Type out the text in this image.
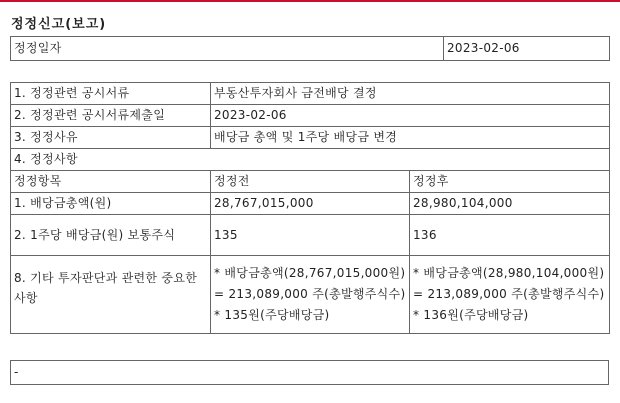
정정신고(보고)
정정일자	2023-02-06
1. 정정관련 공시서류	부동산투자회사 금전배당 결정	
2. 정정관련 공시서류제출일	2023-02-06	
3. 정정사유	배당금 총액 및 1주당 배당금 변경	
4. 정정사항		
정정항목	정정전	정정후
1. 배당금총액(원)	28,767,015,000	28,980,104,000
2. 1주당 배당금(원) 보통주식	135	136
8. 기타 투자판단과 관련한 중요한 사항	* 배당금총액(28,767,015,000원) = 213,089,000 주(총발행주식수) * 135원(주당배당금)	* 배당금총액(28,980,104,000원) = 213,089,000 주(총발행주식수) * 136원(주당배당금)
-
